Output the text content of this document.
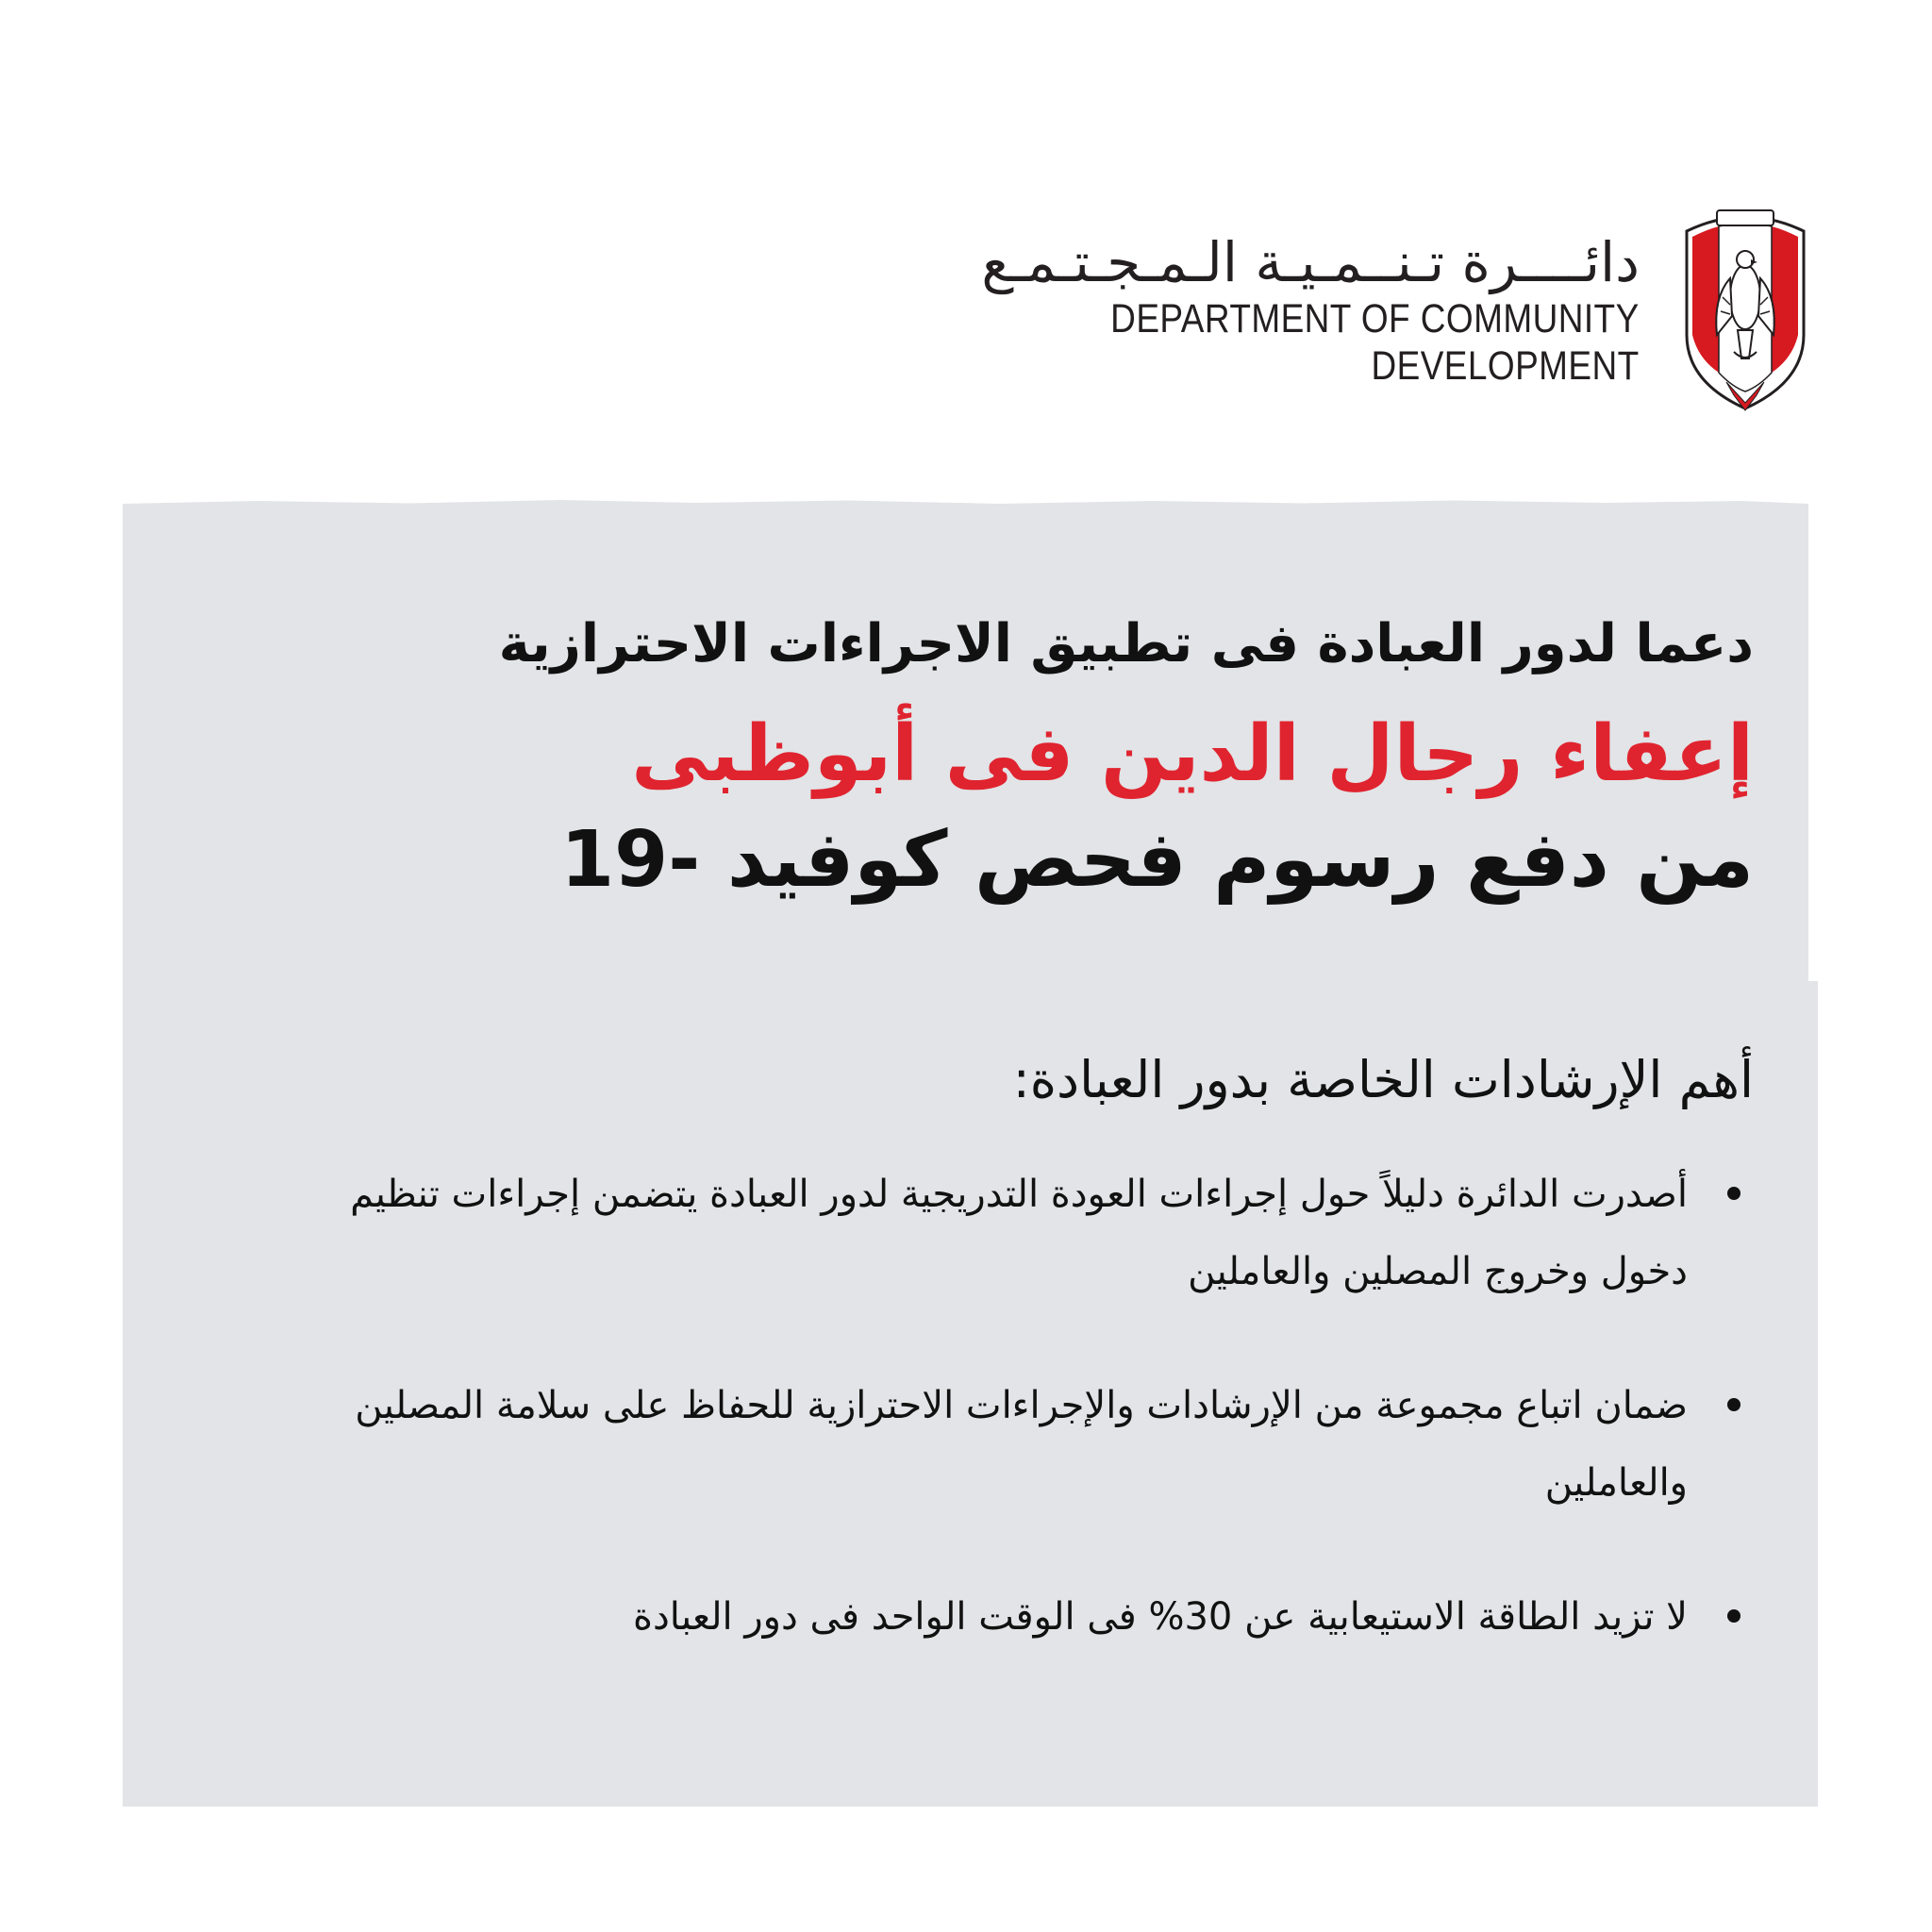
دائــــرة تـنــمـيـة الـمـجـتـمـع
DEPARTMENT OF COMMUNITY
DEVELOPMENT
دعما لدور العبادة فى تطبيق الاجراءات الاحترازية
إعفاء رجال الدين فى أبوظبى
من دفع رسوم فحص كوفيد -19
أهم الإرشادات الخاصة بدور العبادة:
أصدرت الدائرة دليلاً حول إجراءات العودة التدريجية لدور العبادة يتضمن إجراءات تنظيم دخول وخروج المصلين والعاملين
ضمان اتباع مجموعة من الإرشادات والإجراءات الاحترازية للحفاظ على سلامة المصلين والعاملين
لا تزيد الطاقة الاستيعابية عن 30% فى الوقت الواحد فى دور العبادة
